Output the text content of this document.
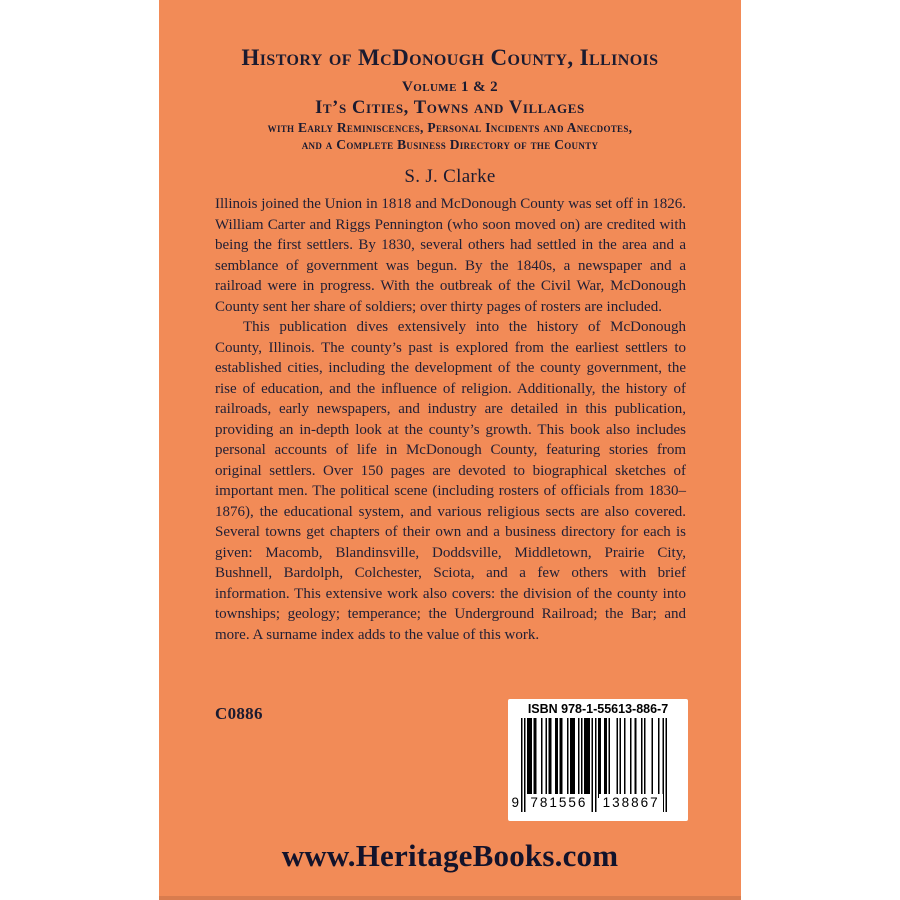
History of McDonough County, Illinois
Volume 1 & 2
It’s Cities, Towns and Villages
with Early Reminiscences, Personal Incidents and Anecdotes,
and a Complete Business Directory of the County
S. J. Clarke

Illinois joined the Union in 1818 and McDonough County was set off in 1826. William Carter and Riggs Pennington (who soon moved on) are credited with being the first settlers. By 1830, several others had settled in the area and a semblance of government was begun. By the 1840s, a newspaper and a railroad were in progress. With the outbreak of the Civil War, McDonough County sent her share of soldiers; over thirty pages of rosters are included.

This publication dives extensively into the history of McDonough County, Illinois. The county’s past is explored from the earliest settlers to established cities, including the development of the county government, the rise of education, and the influence of religion. Additionally, the history of railroads, early newspapers, and industry are detailed in this publication, providing an in-depth look at the county’s growth. This book also includes personal accounts of life in McDonough County, featuring stories from original settlers. Over 150 pages are devoted to biographical sketches of important men. The political scene (including rosters of officials from 1830–1876), the educational system, and various religious sects are also covered. Several towns get chapters of their own and a business directory for each is given: Macomb, Blandinsville, Doddsville, Middletown, Prairie City, Bushnell, Bardolph, Colchester, Sciota, and a few others with brief information. This extensive work also covers: the division of the county into townships; geology; temperance; the Underground Railroad; the Bar; and more. A surname index adds to the value of this work.

C0886	ISBN 978-1-55613-886-7
9 781556 138867
www.HeritageBooks.com
